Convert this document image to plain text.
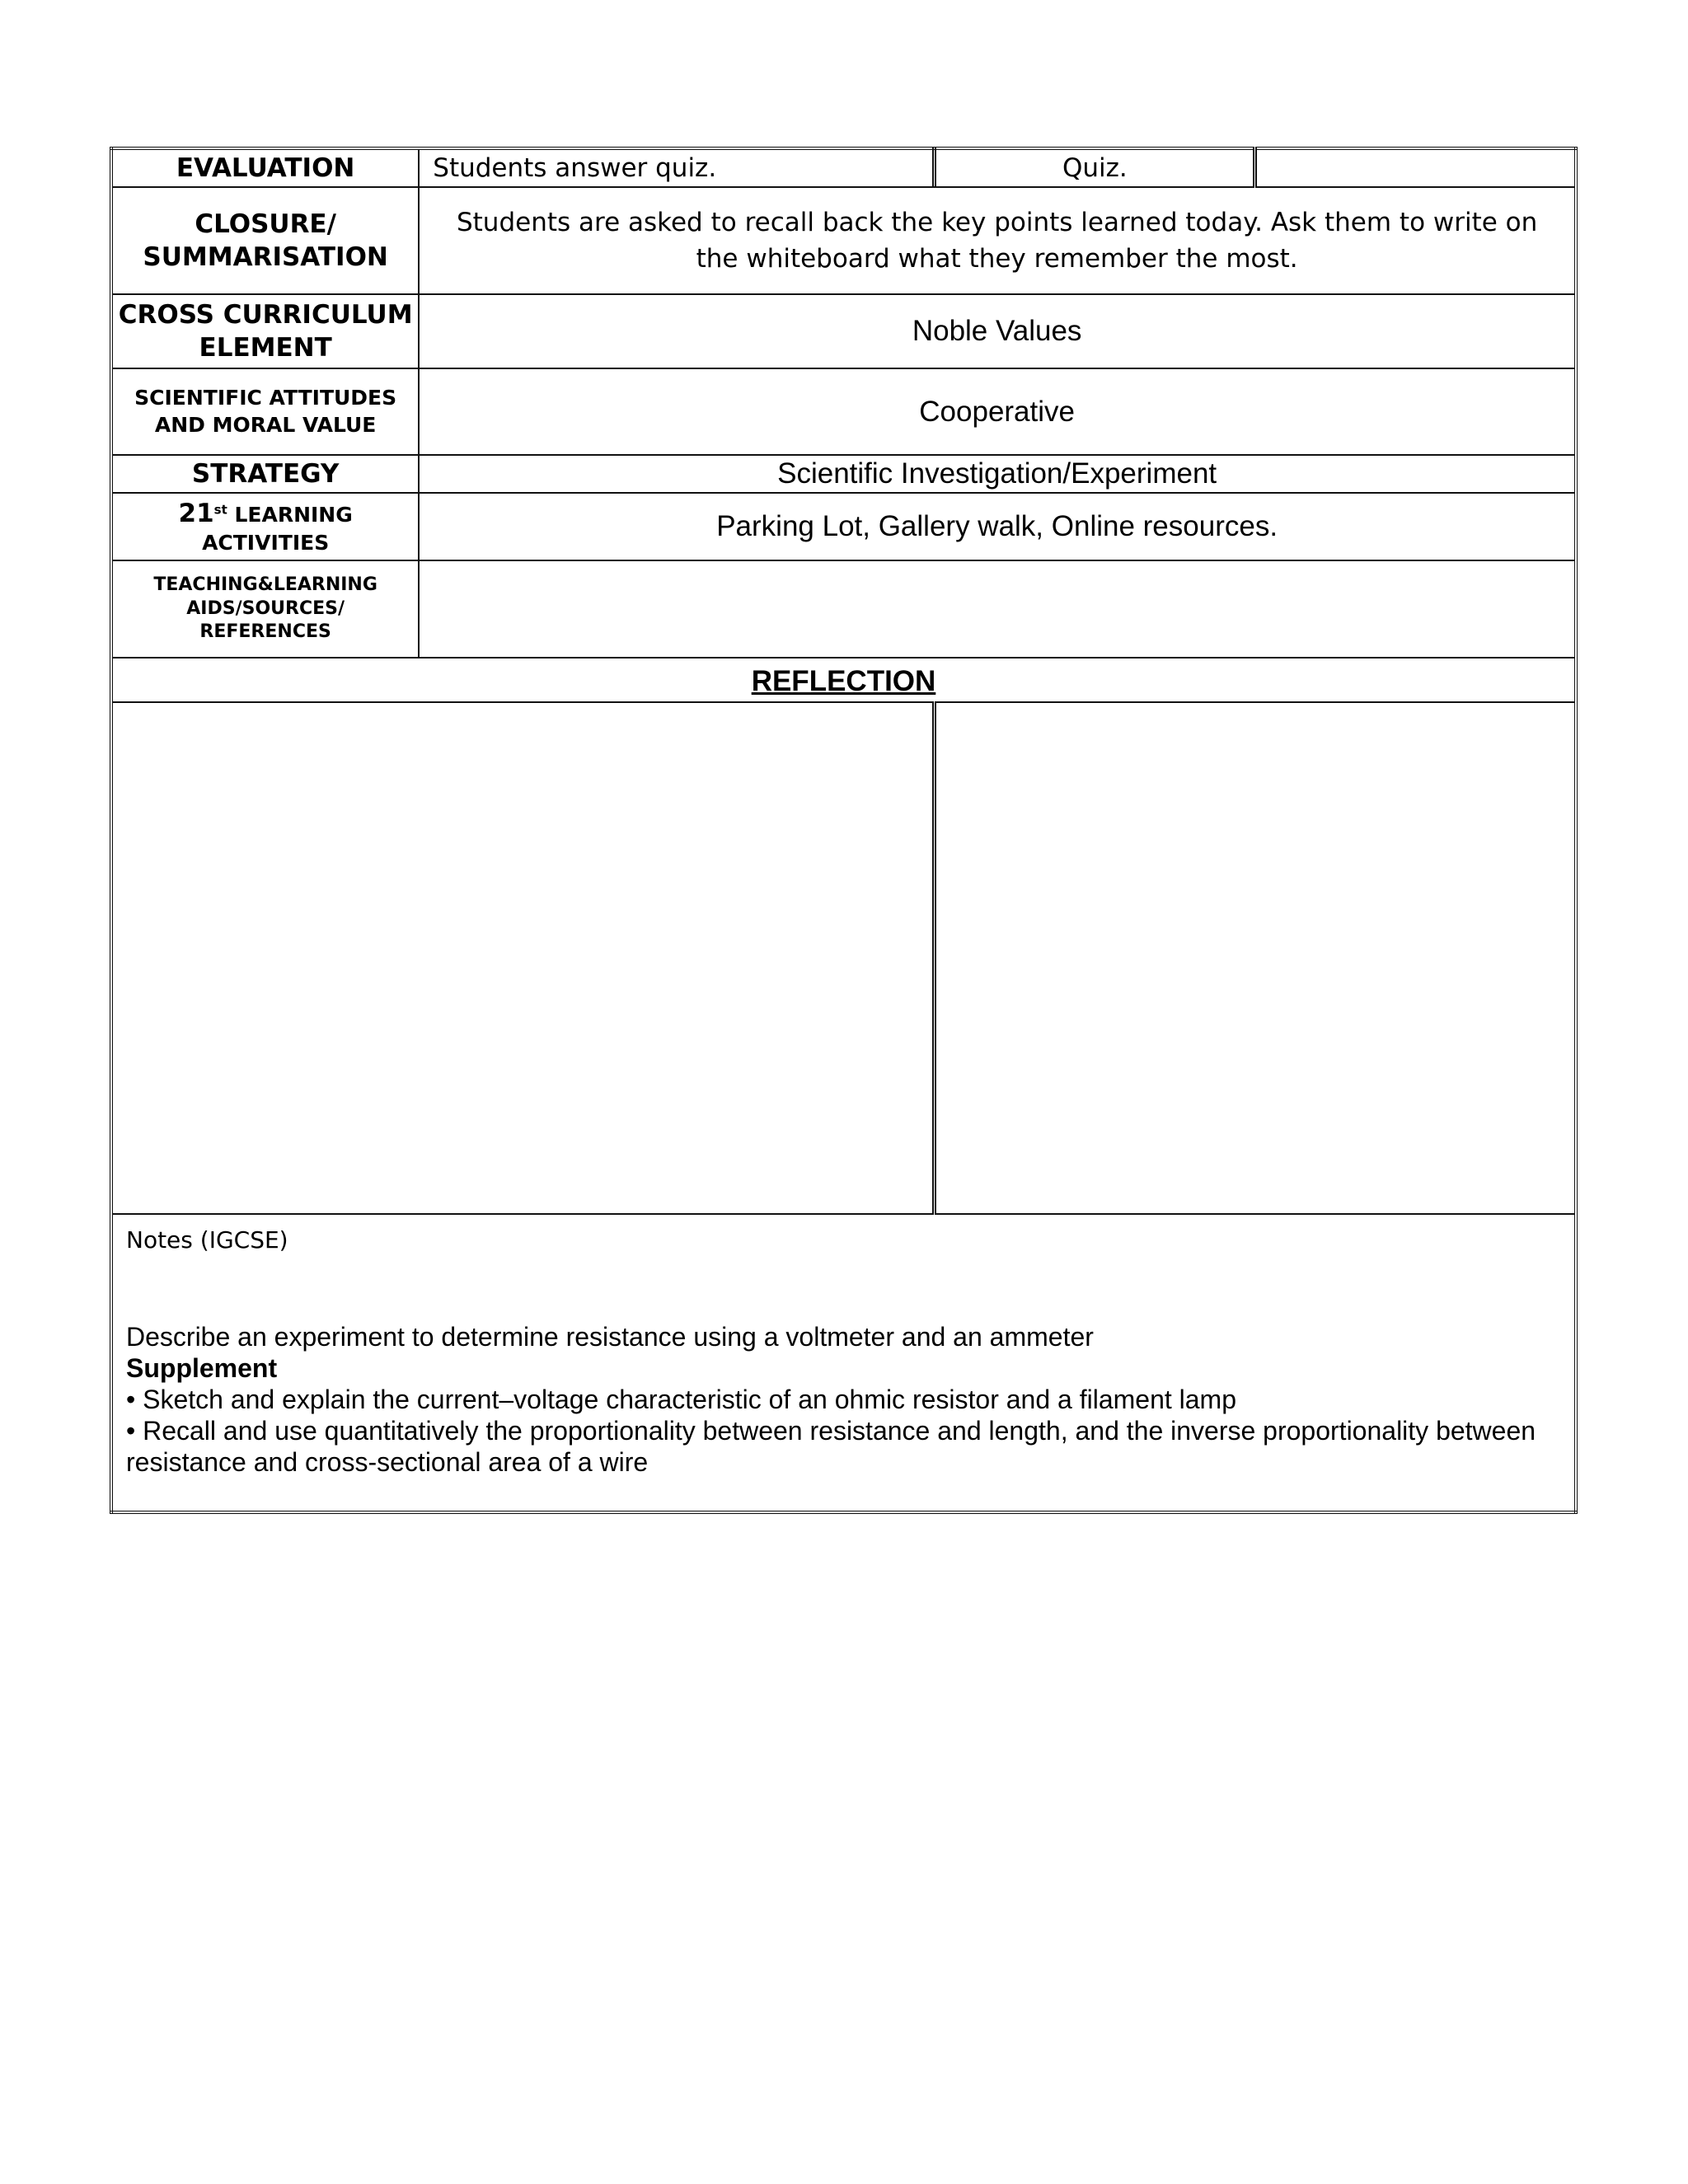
EVALUATION	Students answer quiz.	Quiz.	

CLOSURE/
SUMMARISATION	Students are asked to recall back the key points learned today. Ask them to write on the whiteboard what they remember the most.		

CROSS CURRICULUM
ELEMENT	Noble Values		

SCIENTIFIC ATTITUDES
AND MORAL VALUE	Cooperative		
STRATEGY	Scientific Investigation/Experiment		

21st LEARNING
ACTIVITIES	Parking Lot, Gallery walk, Online resources.		

TEACHING&LEARNING
AIDS/SOURCES/
REFERENCES			

REFLECTION			

Notes (IGCSE)
Describe an experiment to determine resistance using a voltmeter and an ammeter
Supplement
• Sketch and explain the current–voltage characteristic of an ohmic resistor and a filament lamp
• Recall and use quantitatively the proportionality between resistance and length, and the inverse proportionality between resistance and cross-sectional area of a wire			
